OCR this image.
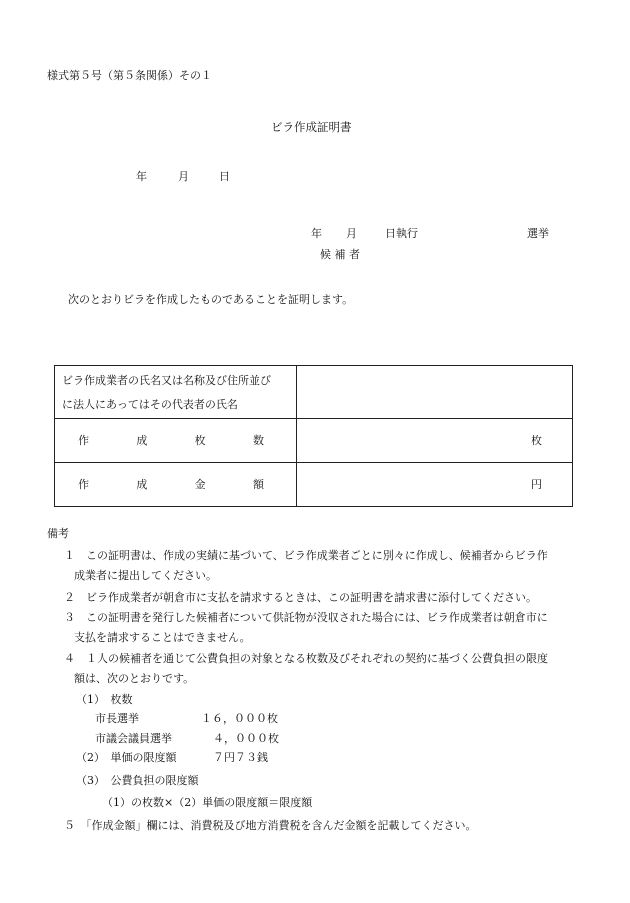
様式第５号（第５条関係）その１
ビラ作成証明書
年	月	日
年 月	日執行	選挙
候 補 者
次のとおりビラを作成したものであることを証明します。
ビラ作成業者の氏名又は名称及び住所並び
に法人にあってはその代表者の氏名	

作 成 枚 数	枚

作 成 金 額	円
備考
１　この証明書は、作成の実績に基づいて、ビラ作成業者ごとに別々に作成し、候補者からビラ作
成業者に提出してください。
２　ビラ作成業者が朝倉市に支払を請求するときは、この証明書を請求書に添付してください。
３　この証明書を発行した候補者について供託物が没収された場合には、ビラ作成業者は朝倉市に
支払を請求することはできません。
４　１人の候補者を通じて公費負担の対象となる枚数及びそれぞれの契約に基づく公費負担の限度
額は、次のとおりです。
（1）　枚数
市長選挙	１６，０００枚
市議会議員選挙	４，０００枚
（2）　単価の限度額	７円７３銭
（3）　公費負担の限度額
（1）の枚数×（2）単価の限度額＝限度額
５　「作成金額」欄には、消費税及び地方消費税を含んだ金額を記載してください。
